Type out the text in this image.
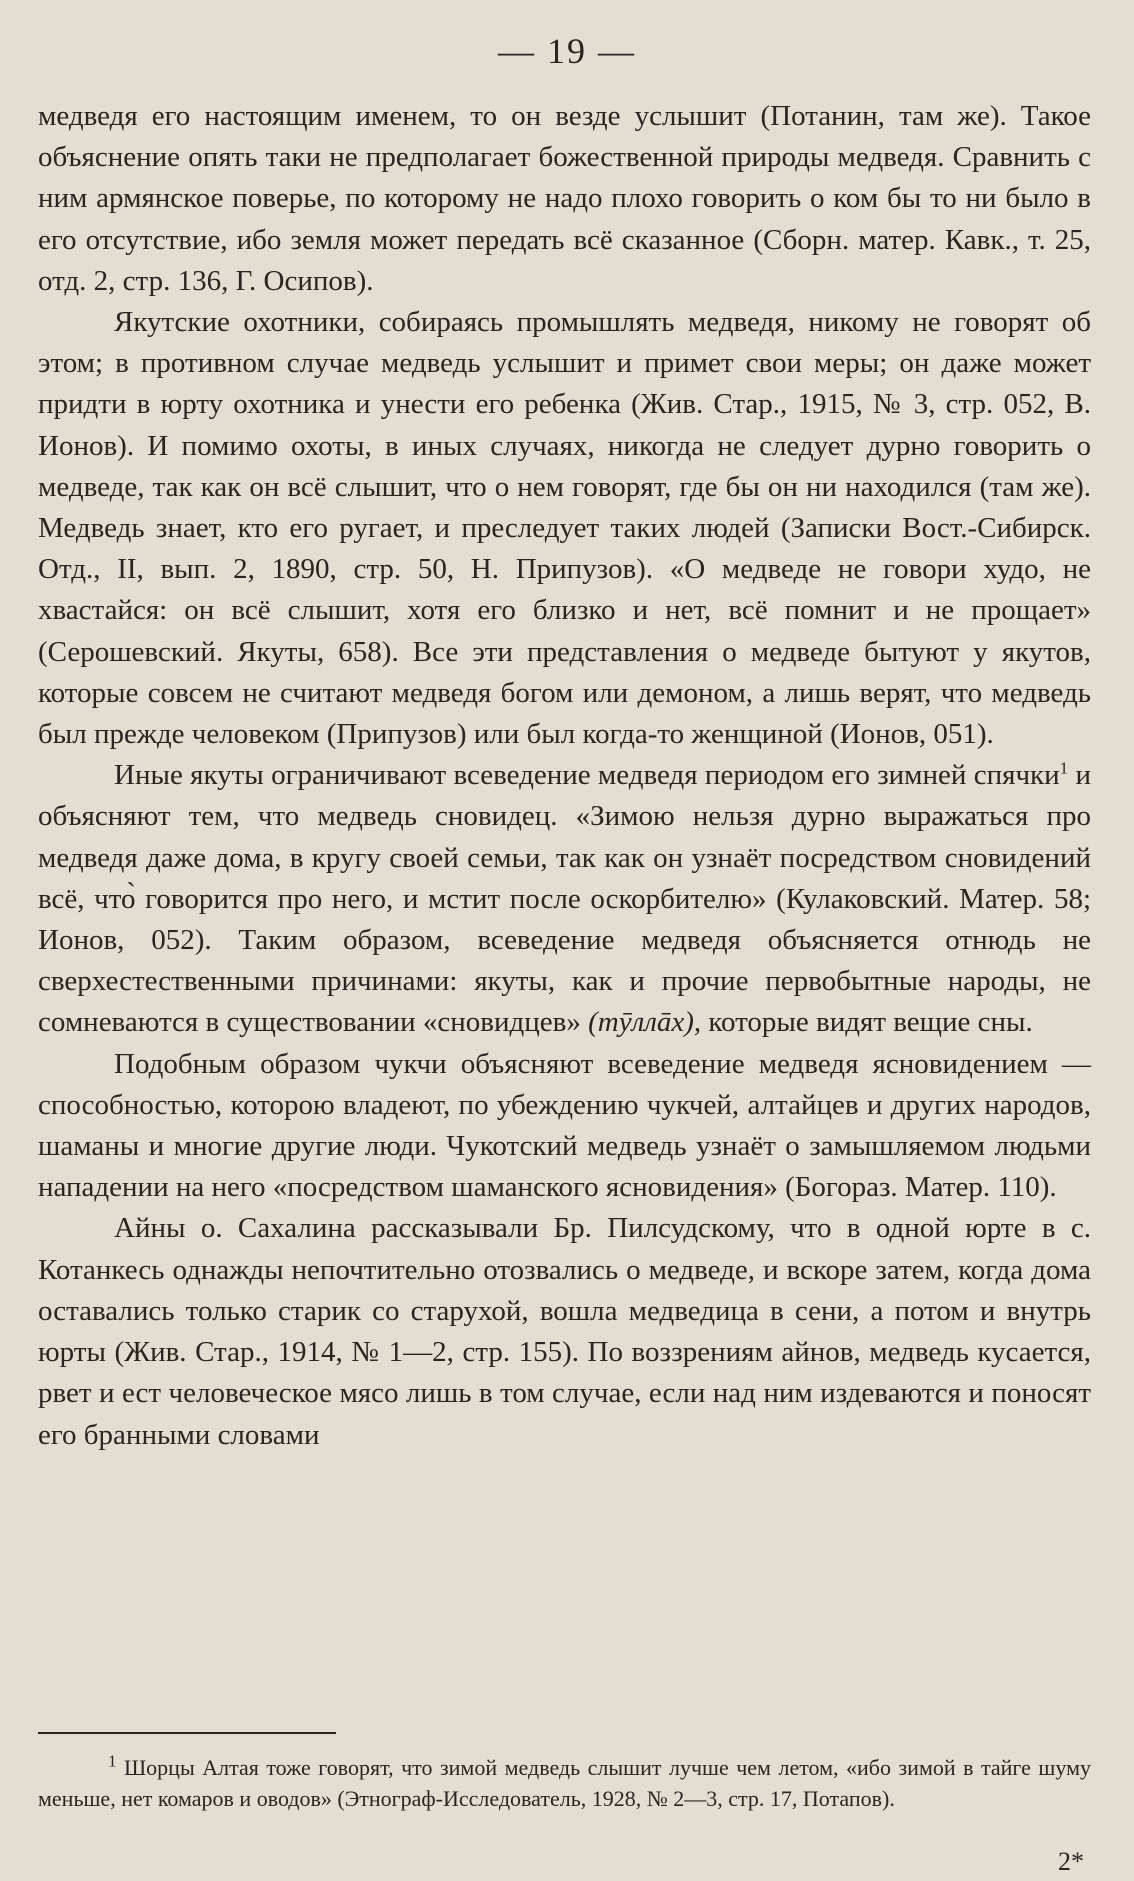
— 19 —

медведя его настоящим именем, то он везде услышит (Потанин, там же). Такое объяснение опять таки не предполагает божественной природы медведя. Сравнить с ним армянское поверье, по которому не надо плохо говорить о ком бы то ни было в его отсутствие, ибо земля может передать всё сказанное (Сборн. матер. Кавк., т. 25, отд. 2, стр. 136, Г. Осипов).

Якутские охотники, собираясь промышлять медведя, никому не говорят об этом; в противном случае медведь услышит и примет свои меры; он даже может придти в юрту охотника и унести его ребенка (Жив. Стар., 1915, № 3, стр. 052, В. Ионов). И помимо охоты, в иных случаях, никогда не следует дурно говорить о медведе, так как он всё слышит, что о нем говорят, где бы он ни находился (там же). Медведь знает, кто его ругает, и преследует таких людей (Записки Вост.-Сибирск. Отд., II, вып. 2, 1890, стр. 50, Н. Припузов). «О медведе не говори худо, не хвастайся: он всё слышит, хотя его близко и нет, всё помнит и не прощает» (Серошевский. Якуты, 658). Все эти представления о медведе бытуют у якутов, которые совсем не считают медведя богом или демоном, а лишь верят, что медведь был прежде человеком (Припузов) или был когда-то женщиной (Ионов, 051).

Иные якуты ограничивают всеведение медведя периодом его зимней спячки$^1$ и объясняют тем, что медведь сновидец. «Зимою нельзя дурно выражаться про медведя даже дома, в кругу своей семьи, так как он узнаёт посредством сновидений всё, что̀ говорится про него, и мстит после оскорбителю» (Кулаковский. Матер. 58; Ионов, 052). Таким образом, всеведение медведя объясняется отнюдь не сверхестественными причинами: якуты, как и прочие первобытные народы, не сомневаются в существовании «сновидцев» (тӯллāх), которые видят вещие сны.

Подобным образом чукчи объясняют всеведение медведя ясновидением — способностью, которою владеют, по убеждению чукчей, алтайцев и других народов, шаманы и многие другие люди. Чукотский медведь узнаёт о замышляемом людьми нападении на него «посредством шаманского ясновидения» (Богораз. Матер. 110).

Айны о. Сахалина рассказывали Бр. Пилсудскому, что в одной юрте в с. Котанкесь однажды непочтительно отозвались о медведе, и вскоре затем, когда дома оставались только старик со старухой, вошла медведица в сени, а потом и внутрь юрты (Жив. Стар., 1914, № 1—2, стр. 155). По воззрениям айнов, медведь кусается, рвет и ест человеческое мясо лишь в том случае, если над ним издеваются и поносят его бранными словами

$^1$ Шорцы Алтая тоже говорят, что зимой медведь слышит лучше чем летом, «ибо зимой в тайге шуму меньше, нет комаров и оводов» (Этнограф-Исследователь, 1928, № 2—3, стр. 17, Потапов).
2*
